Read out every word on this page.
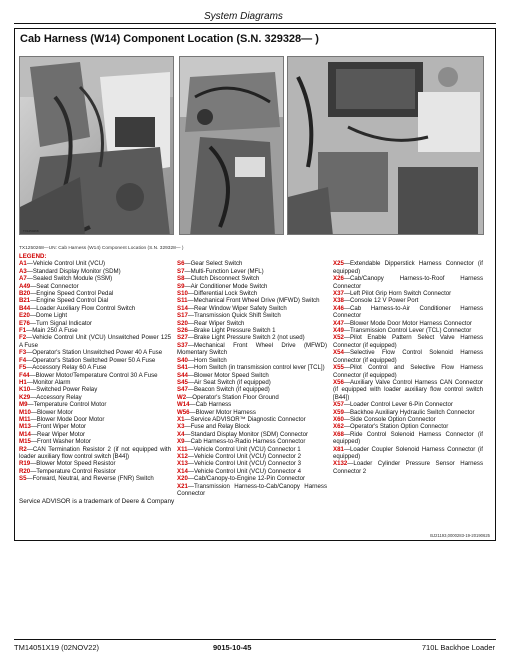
System Diagrams
Cab Harness (W14) Component Location (S.N. 329328— )
TX1250268
TX1250268—UN: Cab Harness (W14) Component Location (S.N. 329328— )
LEGEND:
A1—Vehicle Control Unit (VCU)
A3—Standard Display Monitor (SDM)
A7—Sealed Switch Module (SSM)
A49—Seat Connector
B20—Engine Speed Control Pedal
B21—Engine Speed Control Dial
B44—Loader Auxiliary Flow Control Switch
E20—Dome Light
E76—Turn Signal Indicator
F1—Main 250 A Fuse
F2—Vehicle Control Unit (VCU) Unswitched Power 125 A Fuse
F3—Operator's Station Unswitched Power 40 A Fuse
F4—Operator's Station Switched Power 50 A Fuse
F5—Accessory Relay 60 A Fuse
F44—Blower Motor/Temperature Control 30 A Fuse
H1—Monitor Alarm
K10—Switched Power Relay
K29—Accessory Relay
M9—Temperature Control Motor
M10—Blower Motor
M11—Blower Mode Door Motor
M13—Front Wiper Motor
M14—Rear Wiper Motor
M15—Front Washer Motor
R2—CAN Termination Resistor 2 (if not equipped with loader auxiliary flow control switch [B44])
R19—Blower Motor Speed Resistor
R20—Temperature Control Resistor
S5—Forward, Neutral, and Reverse (FNR) Switch
S6—Gear Select Switch
S7—Multi-Function Lever (MFL)
S8—Clutch Disconnect Switch
S9—Air Conditioner Mode Switch
S10—Differential Lock Switch
S11—Mechanical Front Wheel Drive (MFWD) Switch
S14—Rear Window Wiper Safety Switch
S17—Transmission Quick Shift Switch
S20—Rear Wiper Switch
S26—Brake Light Pressure Switch 1
S27—Brake Light Pressure Switch 2 (not used)
S37—Mechanical Front Wheel Drive (MFWD) Momentary Switch
S40—Horn Switch
S41—Horn Switch (in transmission control lever [TCL])
S44—Blower Motor Speed Switch
S45—Air Seat Switch (if equipped)
S47—Beacon Switch (if equipped)
W2—Operator's Station Floor Ground
W14—Cab Harness
W56—Blower Motor Harness
X1—Service ADVISOR™ Diagnostic Connector
X3—Fuse and Relay Block
X4—Standard Display Monitor (SDM) Connector
X9—Cab Harness-to-Radio Harness Connector
X11—Vehicle Control Unit (VCU) Connector 1
X12—Vehicle Control Unit (VCU) Connector 2
X13—Vehicle Control Unit (VCU) Connector 3
X14—Vehicle Control Unit (VCU) Connector 4
X20—Cab/Canopy-to-Engine 12-Pin Connector
X21—Transmission Harness-to-Cab/Canopy Harness Connector
X25—Extendable Dipperstick Harness Connector (if equipped)
X26—Cab/Canopy Harness-to-Roof Harness Connector
X37—Left Pilot Grip Horn Switch Connector
X38—Console 12 V Power Port
X46—Cab Harness-to-Air Conditioner Harness Connector
X47—Blower Mode Door Motor Harness Connector
X49—Transmission Control Lever (TCL) Connector
X52—Pilot Enable Pattern Select Valve Harness Connector (if equipped)
X54—Selective Flow Control Solenoid Harness Connector (if equipped)
X55—Pilot Control and Selective Flow Harness Connector (if equipped)
X56—Auxiliary Valve Control Harness CAN Connector (if equipped with loader auxiliary flow control switch [B44])
X57—Loader Control Lever 6-Pin Connector
X59—Backhoe Auxiliary Hydraulic Switch Connector
X60—Side Console Option Connector
X62—Operator's Station Option Connector
X68—Ride Control Solenoid Harness Connector (if equipped)
X81—Loader Coupler Solenoid Harness Connector (if equipped)
X132—Loader Cylinder Pressure Sensor Harness Connector 2
Service ADVISOR is a trademark of Deere & Company
BJ21193,0000283-19-20190625
TM14051X19 (02NOV22)	9015-10-45	710L Backhoe Loader
